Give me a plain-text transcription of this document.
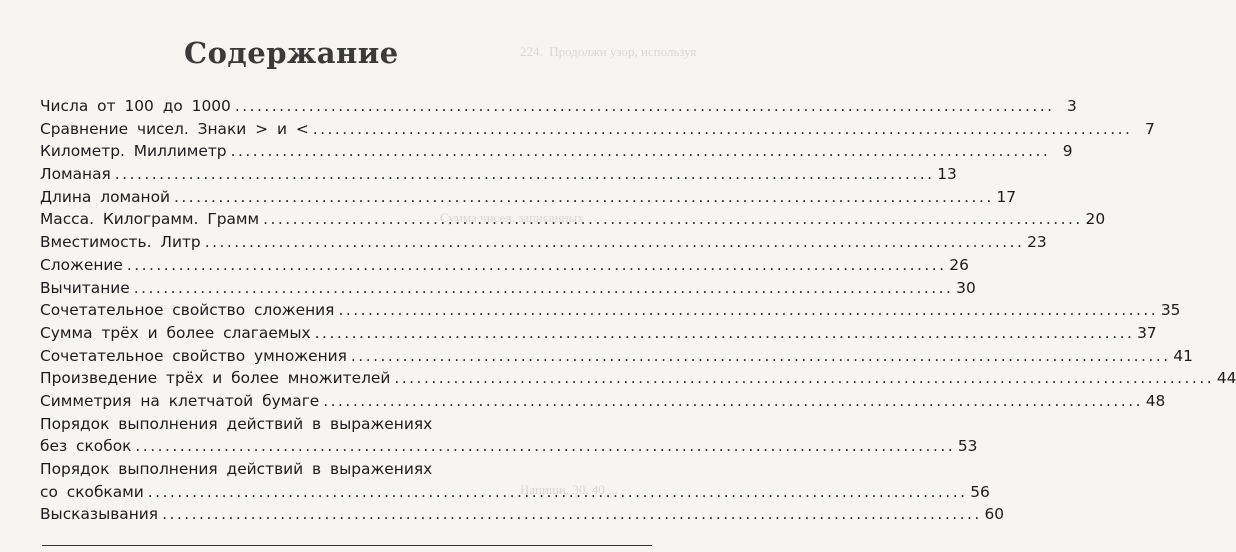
224.  Продолжи узор, используя
Сумма чисел, записанных
Напиши, 30, 40 ...
Содержание
Числа от 100 до 1000 . . .	3
Сравнение чисел. Знаки > и < . . .	7
Километр. Миллиметр . . .	9
Ломаная . . .	13
Длина ломаной . . .	17
Масса. Килограмм. Грамм . . .	20
Вместимость. Литр . . .	23
Сложение . . .	26
Вычитание . . .	30
Сочетательное свойство сложения . . .	35
Сумма трёх и более слагаемых . . .	37
Сочетательное свойство умножения . . .	41
Произведение трёх и более множителей . . .	44
Симметрия на клетчатой бумаге . . .	48
Порядок выполнения действий в выражениях
без скобок . . .	53
Порядок выполнения действий в выражениях
со скобками . . .	56
Высказывания . . .	60
